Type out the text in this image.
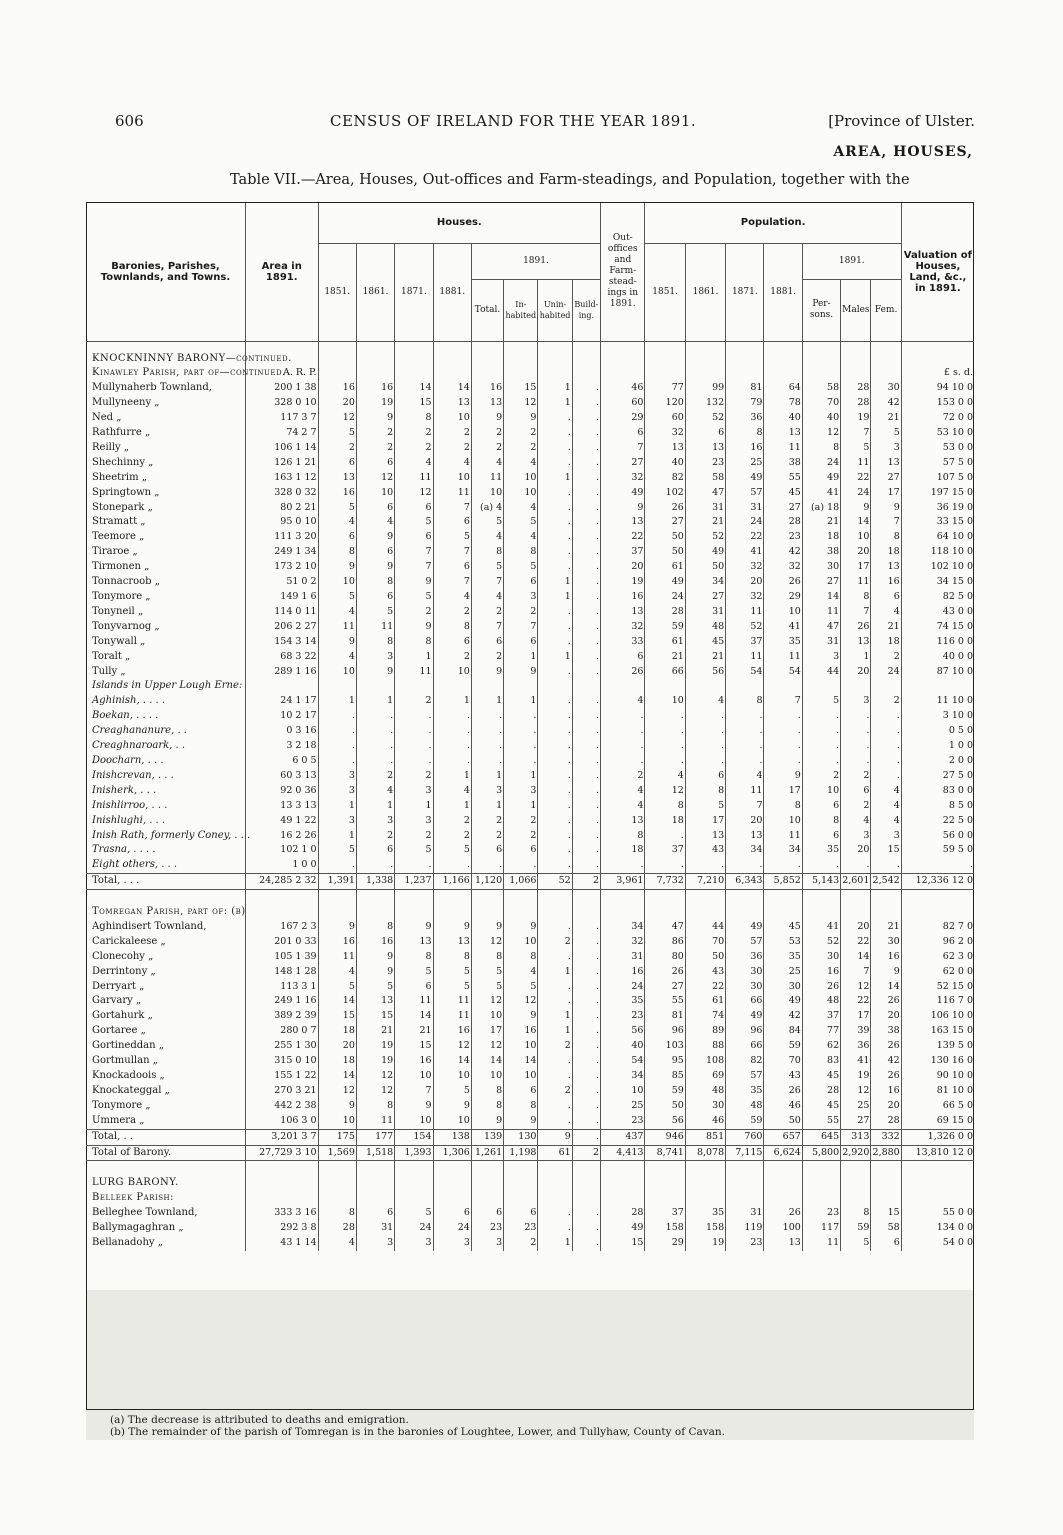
606	CENSUS OF IRELAND FOR THE YEAR 1891.	[Province of Ulster.
AREA, HOUSES,
Table VII.—Area, Houses, Out-offices and Farm-steadings, and Population, together with the
Baronies, Parishes, Townlands, and Towns.	Area in 1891.	Houses.								Out-offices and Farm-stead-ings in 1891.	Population.							Valuation of Houses, Land, &c., in 1891.
		1851.	1861.	1871.	1881.	1891.					1851.	1861.	1871.	1881.	1891.			
						Total.	In-habited	Unin-habited	Build-ing.						Per-sons.	Males	Fem.	

KNOCKNINNY BARONY—continued.																		
Kinawley Parish, part of—continued.	A. R. P.																	£ s. d.
Mullynaherb Townland,	200 1 38	16	16	14	14	16	15	1	.	46	77	99	81	64	58	28	30	94 10 0
Mullyneeny „	328 0 10	20	19	15	13	13	12	1	.	60	120	132	79	78	70	28	42	153 0 0
Ned „	117 3 7	12	9	8	10	9	9	.	.	29	60	52	36	40	40	19	21	72 0 0
Rathfurre „	74 2 7	5	2	2	2	2	2	.	.	6	32	6	8	13	12	7	5	53 10 0
Reilly „	106 1 14	2	2	2	2	2	2	.	.	7	13	13	16	11	8	5	3	53 0 0
Shechinny „	126 1 21	6	6	4	4	4	4	.	.	27	40	23	25	38	24	11	13	57 5 0
Sheetrim „	163 1 12	13	12	11	10	11	10	1	.	32	82	58	49	55	49	22	27	107 5 0
Springtown „	328 0 32	16	10	12	11	10	10	.	.	49	102	47	57	45	41	24	17	197 15 0
Stonepark „	80 2 21	5	6	6	7	(a) 4	4	.	.	9	26	31	31	27	(a) 18	9	9	36 19 0
Stramatt „	95 0 10	4	4	5	6	5	5	.	.	13	27	21	24	28	21	14	7	33 15 0
Teemore „	111 3 20	6	9	6	5	4	4	.	.	22	50	52	22	23	18	10	8	64 10 0
Tiraroe „	249 1 34	8	6	7	7	8	8	.	.	37	50	49	41	42	38	20	18	118 10 0
Tirmonen „	173 2 10	9	9	7	6	5	5	.	.	20	61	50	32	32	30	17	13	102 10 0
Tonnacroob „	51 0 2	10	8	9	7	7	6	1	.	19	49	34	20	26	27	11	16	34 15 0
Tonymore „	149 1 6	5	6	5	4	4	3	1	.	16	24	27	32	29	14	8	6	82 5 0
Tonyneil „	114 0 11	4	5	2	2	2	2	.	.	13	28	31	11	10	11	7	4	43 0 0
Tonyvarnog „	206 2 27	11	11	9	8	7	7	.	.	32	59	48	52	41	47	26	21	74 15 0
Tonywall „	154 3 14	9	8	8	6	6	6	.	.	33	61	45	37	35	31	13	18	116 0 0
Toralt „	68 3 22	4	3	1	2	2	1	1	.	6	21	21	11	11	3	1	2	40 0 0
Tully „	289 1 16	10	9	11	10	9	9	.	.	26	66	56	54	54	44	20	24	87 10 0
Islands in Upper Lough Erne:																		
Aghinish, . . . .	24 1 17	1	1	2	1	1	1	.	.	4	10	4	8	7	5	3	2	11 10 0
Boekan, . . . .	10 2 17	.	.	.	.	.	.	.	.	.	.	.	.	.	.	.	.	3 10 0
Creaghananure, . .	0 3 16	.	.	.	.	.	.	.	.	.	.	.	.	.	.	.	.	0 5 0
Creaghnaroark, . .	3 2 18	.	.	.	.	.	.	.	.	.	.	.	.	.	.	.	.	1 0 0
Doocharn, . . .	6 0 5	.	.	.	.	.	.	.	.	.	.	.	.	.	.	.	.	2 0 0
Inishcrevan, . . .	60 3 13	3	2	2	1	1	1	.	.	2	4	6	4	9	2	2	.	27 5 0
Inisherk, . . .	92 0 36	3	4	3	4	3	3	.	.	4	12	8	11	17	10	6	4	83 0 0
Inishlirroo, . . .	13 3 13	1	1	1	1	1	1	.	.	4	8	5	7	8	6	2	4	8 5 0
Inishlughi, . . .	49 1 22	3	3	3	2	2	2	.	.	13	18	17	20	10	8	4	4	22 5 0
Inish Rath, formerly Coney, . . .	16 2 26	1	2	2	2	2	2	.	.	8	.	13	13	11	6	3	3	56 0 0
Trasna, . . . .	102 1 0	5	6	5	5	6	6	.	.	18	37	43	34	34	35	20	15	59 5 0
Eight others, . . .	1 0 0	.	.	.	.	.	.	.	.	.	.	.	.	.	.	.	.	.
Total, . . .	24,285 2 32	1,391	1,338	1,237	1,166	1,120	1,066	52	2	3,961	7,732	7,210	6,343	5,852	5,143	2,601	2,542	12,336 12 0

Tomregan Parish, part of: (b)																		
Aghindisert Townland,	167 2 3	9	8	9	9	9	9	.	.	34	47	44	49	45	41	20	21	82 7 0
Carickaleese „	201 0 33	16	16	13	13	12	10	2	.	32	86	70	57	53	52	22	30	96 2 0
Clonecohy „	105 1 39	11	9	8	8	8	8	.	.	31	80	50	36	35	30	14	16	62 3 0
Derrintony „	148 1 28	4	9	5	5	5	4	1	.	16	26	43	30	25	16	7	9	62 0 0
Derryart „	113 3 1	5	5	6	5	5	5	.	.	24	27	22	30	30	26	12	14	52 15 0
Garvary „	249 1 16	14	13	11	11	12	12	.	.	35	55	61	66	49	48	22	26	116 7 0
Gortahurk „	389 2 39	15	15	14	11	10	9	1	.	23	81	74	49	42	37	17	20	106 10 0
Gortaree „	280 0 7	18	21	21	16	17	16	1	.	56	96	89	96	84	77	39	38	163 15 0
Gortineddan „	255 1 30	20	19	15	12	12	10	2	.	40	103	88	66	59	62	36	26	139 5 0
Gortmullan „	315 0 10	18	19	16	14	14	14	.	.	54	95	108	82	70	83	41	42	130 16 0
Knockadoois „	155 1 22	14	12	10	10	10	10	.	.	34	85	69	57	43	45	19	26	90 10 0
Knockateggal „	270 3 21	12	12	7	5	8	6	2	.	10	59	48	35	26	28	12	16	81 10 0
Tonymore „	442 2 38	9	8	9	9	8	8	.	.	25	50	30	48	46	45	25	20	66 5 0
Ummera „	106 3 0	10	11	10	10	9	9	.	.	23	56	46	59	50	55	27	28	69 15 0
Total, . .	3,201 3 7	175	177	154	138	139	130	9	.	437	946	851	760	657	645	313	332	1,326 0 0
Total of Barony.	27,729 3 10	1,569	1,518	1,393	1,306	1,261	1,198	61	2	4,413	8,741	8,078	7,115	6,624	5,800	2,920	2,880	13,810 12 0

LURG BARONY.																		
Belleek Parish:																		
Belleghee Townland,	333 3 16	8	6	5	6	6	6	.	.	28	37	35	31	26	23	8	15	55 0 0
Ballymagaghran „	292 3 8	28	31	24	24	23	23	.	.	49	158	158	119	100	117	59	58	134 0 0
Bellanadohy „	43 1 14	4	3	3	3	3	2	1	.	15	29	19	23	13	11	5	6	54 0 0
(a) The decrease is attributed to deaths and emigration.
(b) The remainder of the parish of Tomregan is in the baronies of Loughtee, Lower, and Tullyhaw, County of Cavan.
